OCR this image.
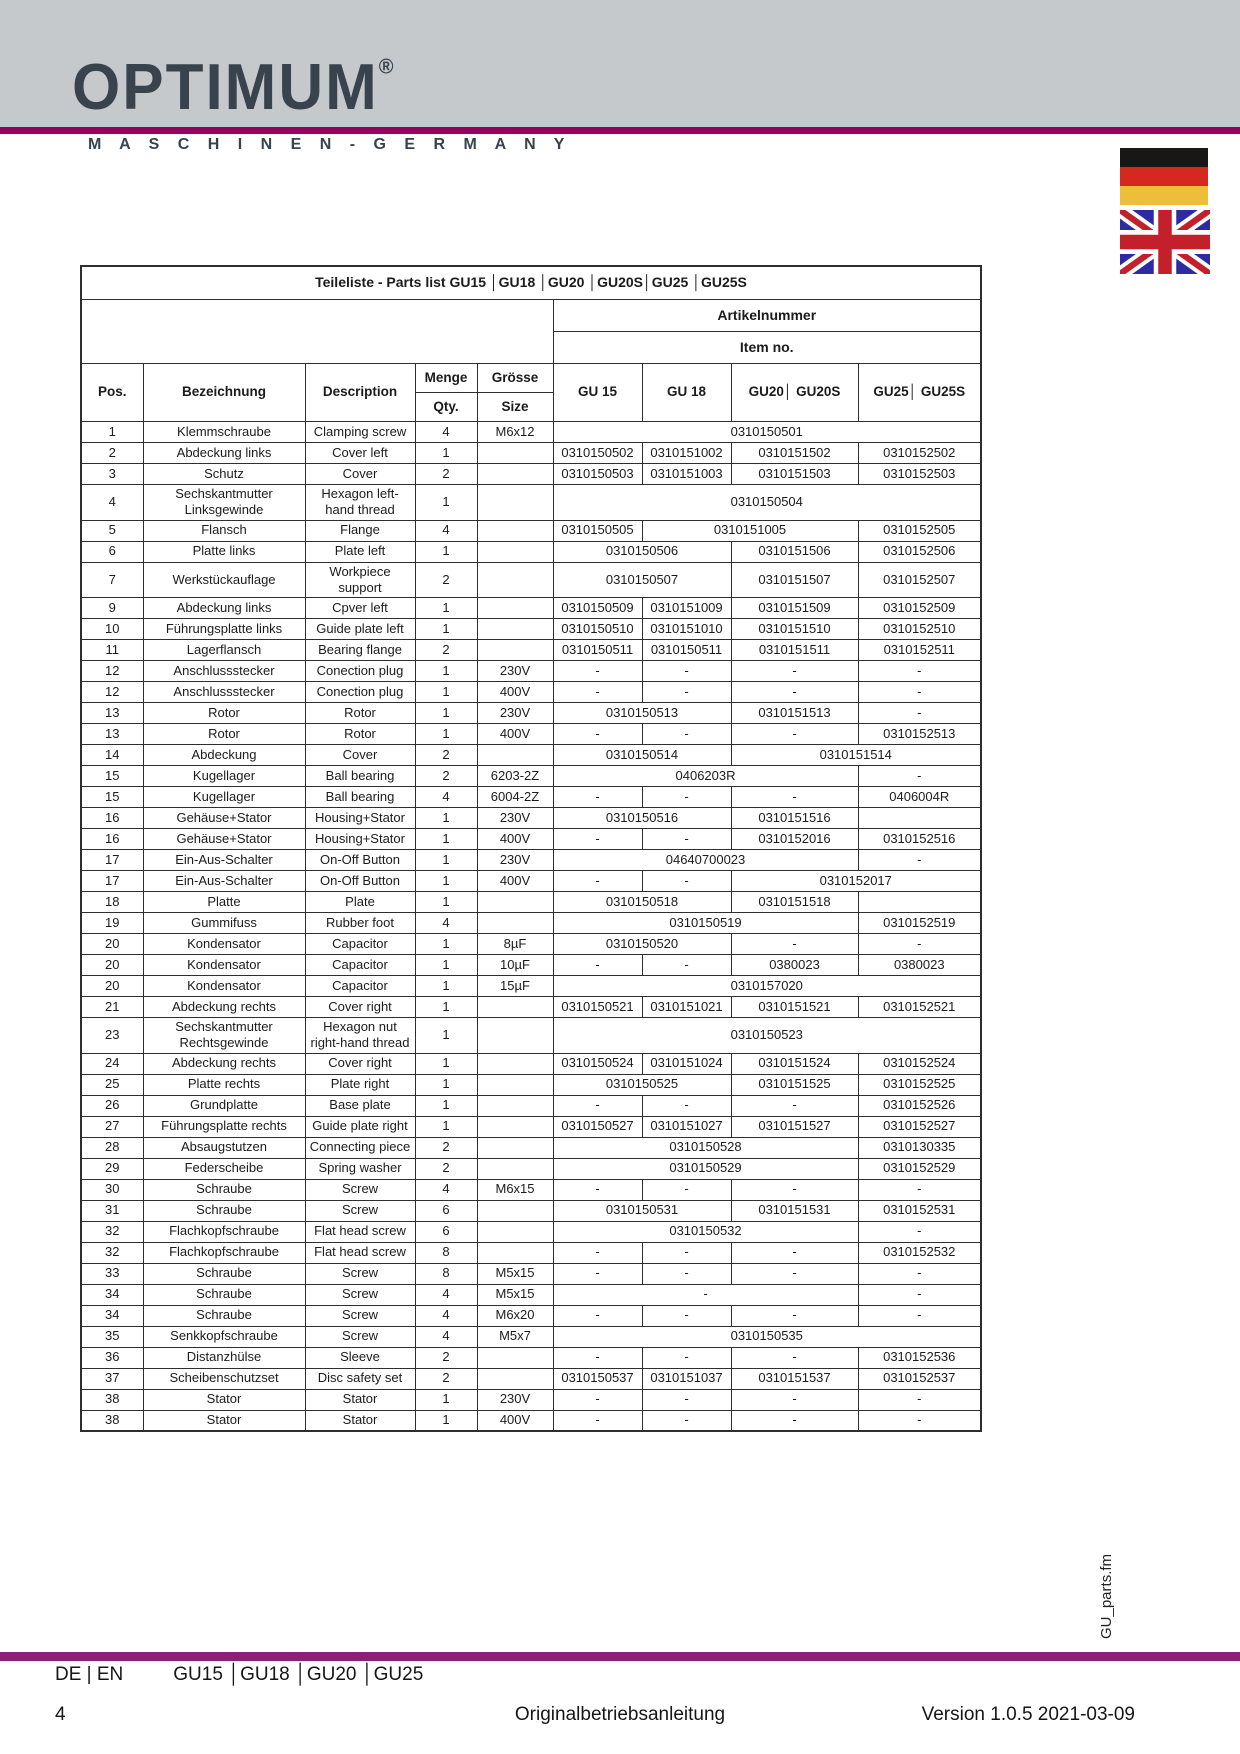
OPTIMUM®
M A S C H I N E N - G E R M A N Y
Teileliste - Parts list GU15 │GU18 │GU20 │GU20S│GU25 │GU25S								
					Artikelnummer			
					Item no.			
Pos.	Bezeichnung	Description	Menge	Grösse	GU 15	GU 18	GU20│ GU20S	GU25│ GU25S
			Qty.	Size				
1	Klemmschraube	Clamping screw	4	M6x12	0310150501			
2	Abdeckung links	Cover left	1		0310150502	0310151002	0310151502	0310152502
3	Schutz	Cover	2		0310150503	0310151003	0310151503	0310152503
4	Sechskantmutter Linksgewinde	Hexagon left-hand thread	1		0310150504			
5	Flansch	Flange	4		0310150505	0310151005		0310152505
6	Platte links	Plate left	1		0310150506		0310151506	0310152506
7	Werkstückauflage	Workpiece support	2		0310150507		0310151507	0310152507
9	Abdeckung links	Cpver left	1		0310150509	0310151009	0310151509	0310152509
10	Führungsplatte links	Guide plate left	1		0310150510	0310151010	0310151510	0310152510
11	Lagerflansch	Bearing flange	2		0310150511	0310150511	0310151511	0310152511
12	Anschlussstecker	Conection plug	1	230V	-	-	-	-
12	Anschlussstecker	Conection plug	1	400V	-	-	-	-
13	Rotor	Rotor	1	230V	0310150513		0310151513	-
13	Rotor	Rotor	1	400V	-	-	-	0310152513
14	Abdeckung	Cover	2		0310150514		0310151514	
15	Kugellager	Ball bearing	2	6203-2Z	0406203R			-
15	Kugellager	Ball bearing	4	6004-2Z	-	-	-	0406004R
16	Gehäuse+Stator	Housing+Stator	1	230V	0310150516		0310151516	
16	Gehäuse+Stator	Housing+Stator	1	400V	-	-	0310152016	0310152516
17	Ein-Aus-Schalter	On-Off Button	1	230V	04640700023			-
17	Ein-Aus-Schalter	On-Off Button	1	400V	-	-	0310152017	
18	Platte	Plate	1		0310150518		0310151518	
19	Gummifuss	Rubber foot	4		0310150519			0310152519
20	Kondensator	Capacitor	1	8µF	0310150520		-	-
20	Kondensator	Capacitor	1	10µF	-	-	0380023	0380023
20	Kondensator	Capacitor	1	15µF	0310157020			
21	Abdeckung rechts	Cover right	1		0310150521	0310151021	0310151521	0310152521
23	Sechskantmutter Rechtsgewinde	Hexagon nut right-hand thread	1		0310150523			
24	Abdeckung rechts	Cover right	1		0310150524	0310151024	0310151524	0310152524
25	Platte rechts	Plate right	1		0310150525		0310151525	0310152525
26	Grundplatte	Base plate	1		-	-	-	0310152526
27	Führungsplatte rechts	Guide plate right	1		0310150527	0310151027	0310151527	0310152527
28	Absaugstutzen	Connecting piece	2		0310150528			0310130335
29	Federscheibe	Spring washer	2		0310150529			0310152529
30	Schraube	Screw	4	M6x15	-	-	-	-
31	Schraube	Screw	6		0310150531		0310151531	0310152531
32	Flachkopfschraube	Flat head screw	6		0310150532			-
32	Flachkopfschraube	Flat head screw	8		-	-	-	0310152532
33	Schraube	Screw	8	M5x15	-	-	-	-
34	Schraube	Screw	4	M5x15	-			-
34	Schraube	Screw	4	M6x20	-	-	-	-
35	Senkkopfschraube	Screw	4	M5x7	0310150535			
36	Distanzhülse	Sleeve	2		-	-	-	0310152536
37	Scheibenschutzset	Disc safety set	2		0310150537	0310151037	0310151537	0310152537
38	Stator	Stator	1	230V	-	-	-	-
38	Stator	Stator	1	400V	-	-	-	-
GU_parts.fm
DE | EN	GU15 │GU18 │GU20 │GU25
4	Originalbetriebsanleitung	Version 1.0.5 2021-03-09
